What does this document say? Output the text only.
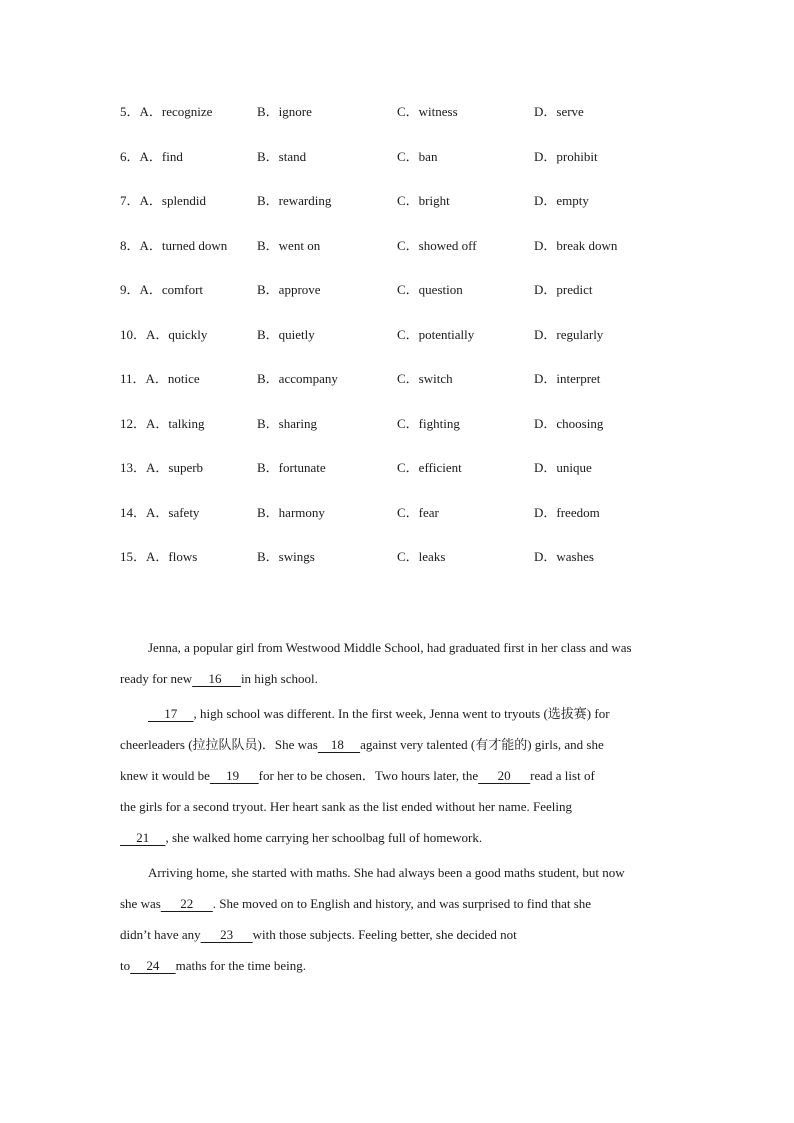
5．A．recognize	B．ignore	C．witness	D．serve
6．A．find	B．stand	C．ban	D．prohibit
7．A．splendid	B．rewarding	C．bright	D．empty
8．A．turned down B．went on	C．showed off	D．break down
9．A．comfort	B．approve	C．question	D．predict
10．A．quickly	B．quietly	C．potentially	D．regularly
11．A．notice	B．accompany	C．switch	D．interpret
12．A．talking	B．sharing	C．fighting	D．choosing
13．A．superb	B．fortunate	C．efficient	D．unique
14．A．safety	B．harmony	C．fear	D．freedom
15．A．flows	B．swings	C．leaks	D．washes

Jenna, a popular girl from Westwood Middle School, had graduated first in her class and was
ready for new     16      in high school.

17     , high school was different. In the first week, Jenna went to tryouts (选拔赛) for
cheerleaders (拉拉队队员)．She was    18     against very talented (有才能的) girls, and she
knew it would be     19      for her to be chosen．Two hours later, the      20      read a list of
the girls for a second tryout. Her heart sank as the list ended without her name. Feeling
21     , she walked home carrying her schoolbag full of homework.

Arriving home, she started with maths. She had always been a good maths student, but now
she was      22      . She moved on to English and history, and was surprised to find that she
didn’t have any      23      with those subjects. Feeling better, she decided not
to     24     maths for the time being.
